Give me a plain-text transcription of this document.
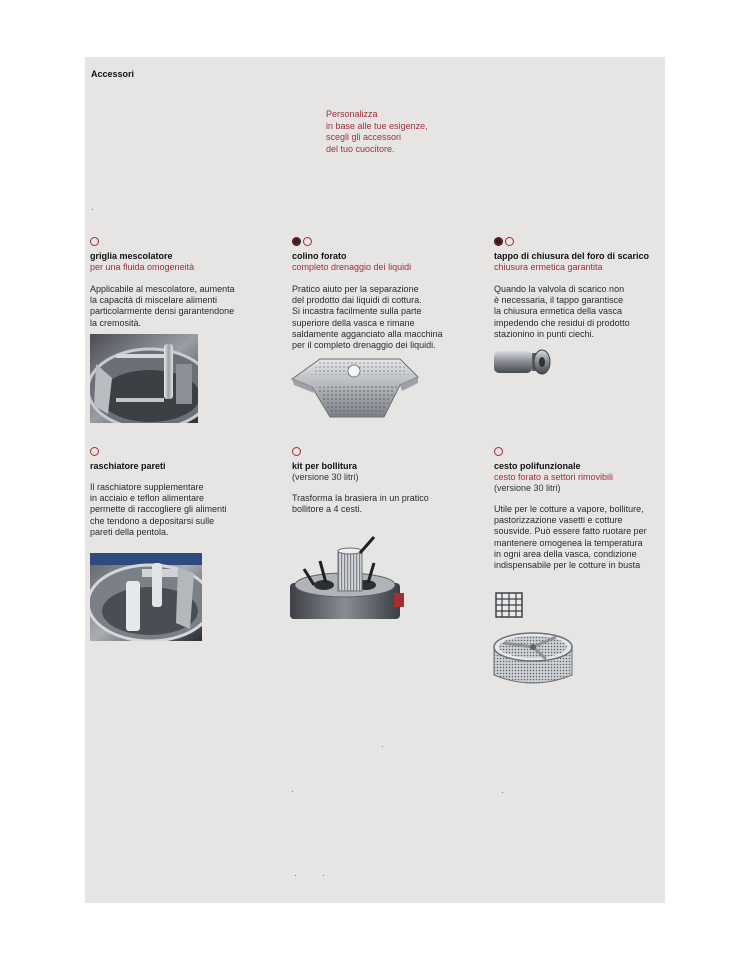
Accessori
Personalizza
in base alle tue esigenze,
scegli gli accessori
del tuo cuocitore.
griglia mescolatore
per una fluida omogeneità
Applicabile al mescolatore, aumenta
la capacità di miscelare alimenti
particolarmente densi garantendone
la cremosità.
colino forato
completo drenaggio dei liquidi
Pratico aiuto per la separazione
del prodotto dai liquidi di cottura.
Si incastra facilmente sulla parte
superiore della vasca e rimane
saldamente agganciato alla macchina
per il completo drenaggio dei liquidi.
tappo di chiusura del foro di scarico
chiusura ermetica garantita
Quando la valvola di scarico non
è necessaria, il tappo garantisce
la chiusura ermetica della vasca
impedendo che residui di prodotto
stazionino in punti ciechi.
raschiatore pareti
Il raschiatore supplementare
in acciaio e teflon alimentare
permette di raccogliere gli alimenti
che tendono a depositarsi sulle
pareti della pentola.
kit per bollitura
(versione 30 litri)
Trasforma la brasiera in un pratico
bollitore a 4 cesti.
cesto polifunzionale
cesto forato a settori rimovibili
(versione 30 litri)
Utile per le cotture a vapore, bolliture,
pastorizzazione vasetti e cotture
sousvide. Può essere fatto ruotare per
mantenere omogenea la temperatura
in ogni area della vasca, condizione
indispensabile per le cotture in busta
